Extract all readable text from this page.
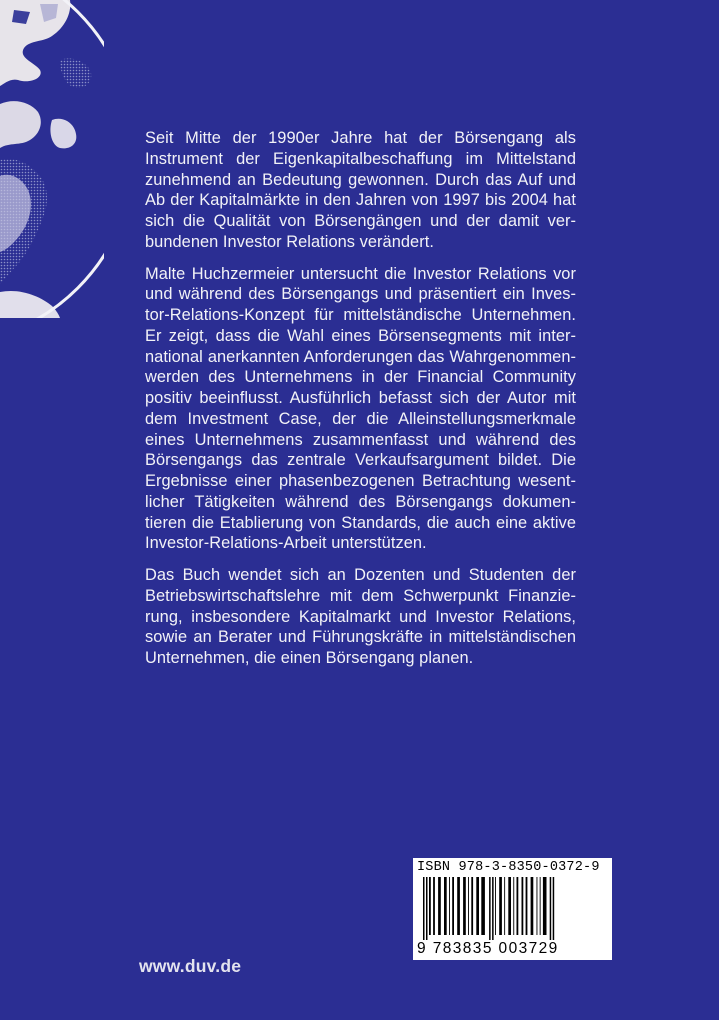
Seit Mitte der 1990er Jahre hat der Börsengang als Instrument der Eigenkapitalbeschaffung im Mittelstand zunehmend an Bedeutung gewonnen. Durch das Auf und Ab der Kapitalmärkte in den Jahren von 1997 bis 2004 hat sich die Qualität von Börsengängen und der damit verbundenen Investor Relations verändert.

Malte Huchzermeier untersucht die Investor Relations vor und während des Börsengangs und präsentiert ein Investor-Relations-Konzept für mittelständische Unternehmen. Er zeigt, dass die Wahl eines Börsensegments mit international anerkannten Anforderungen das Wahrgenommenwerden des Unternehmens in der Financial Community positiv beeinflusst. Ausführlich befasst sich der Autor mit dem Investment Case, der die Alleinstellungsmerkmale eines Unternehmens zusammenfasst und während des Börsengangs das zentrale Verkaufsargument bildet. Die Ergebnisse einer phasenbezogenen Betrachtung wesentlicher Tätigkeiten während des Börsengangs dokumentieren die Etablierung von Standards, die auch eine aktive Investor-Relations-Arbeit unterstützen.

Das Buch wendet sich an Dozenten und Studenten der Betriebswirtschaftslehre mit dem Schwerpunkt Finanzierung, insbesondere Kapitalmarkt und Investor Relations, sowie an Berater und Führungskräfte in mittelständischen Unternehmen, die einen Börsengang planen.

www.duv.de
ISBN 978-3-8350-0372-9
9 783835 003729
